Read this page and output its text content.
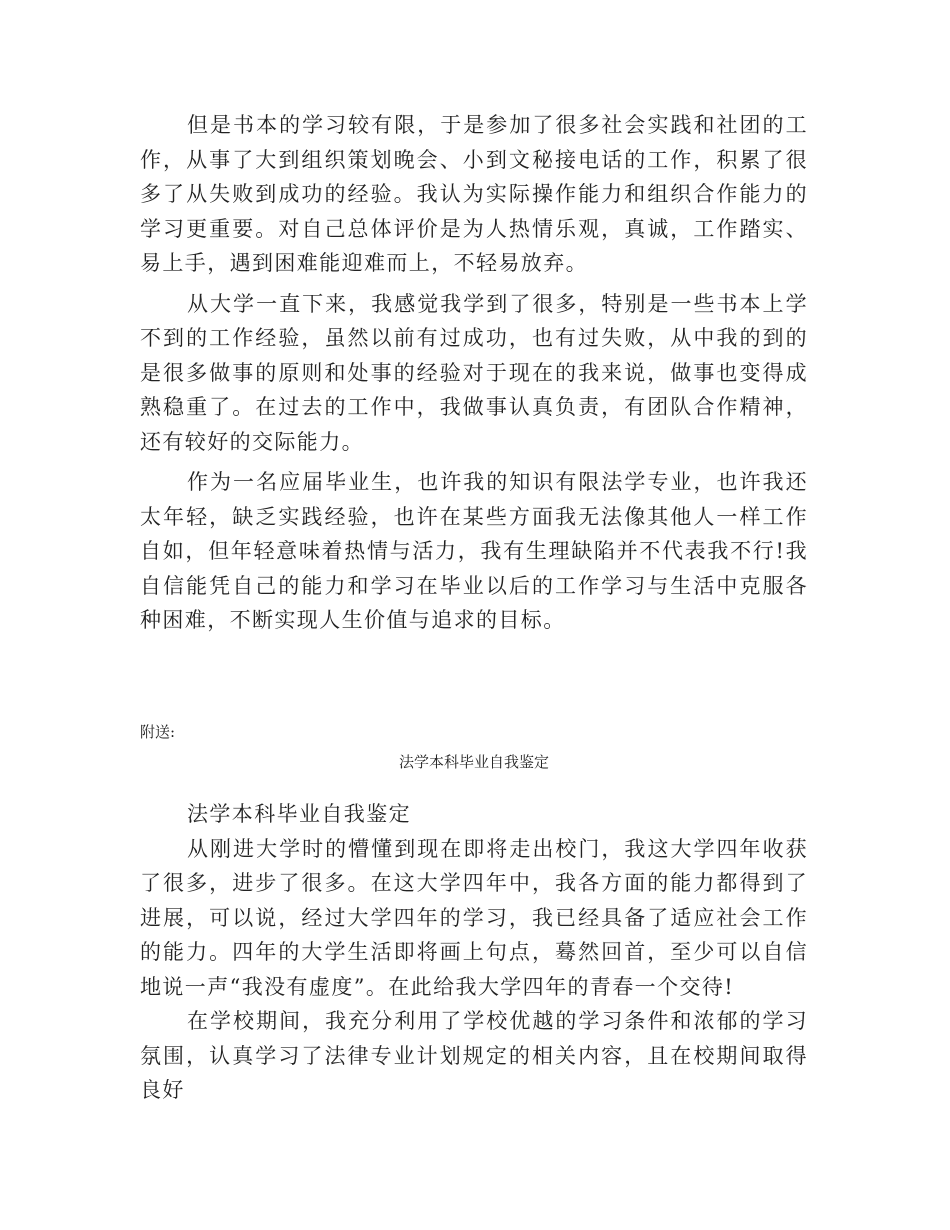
但是书本的学习较有限，于是参加了很多社会实践和社团的工作，从事了大到组织策划晚会、小到文秘接电话的工作，积累了很多了从失败到成功的经验。我认为实际操作能力和组织合作能力的学习更重要。对自己总体评价是为人热情乐观，真诚，工作踏实、易上手，遇到困难能迎难而上，不轻易放弃。

从大学一直下来，我感觉我学到了很多，特别是一些书本上学不到的工作经验，虽然以前有过成功，也有过失败，从中我的到的是很多做事的原则和处事的经验对于现在的我来说，做事也变得成熟稳重了。在过去的工作中，我做事认真负责，有团队合作精神，还有较好的交际能力。

作为一名应届毕业生，也许我的知识有限法学专业，也许我还太年轻，缺乏实践经验，也许在某些方面我无法像其他人一样工作自如，但年轻意味着热情与活力，我有生理缺陷并不代表我不行!我自信能凭自己的能力和学习在毕业以后的工作学习与生活中克服各种困难，不断实现人生价值与追求的目标。

附送:

法学本科毕业自我鉴定

法学本科毕业自我鉴定

从刚进大学时的懵懂到现在即将走出校门，我这大学四年收获了很多，进步了很多。在这大学四年中，我各方面的能力都得到了进展，可以说，经过大学四年的学习，我已经具备了适应社会工作的能力。四年的大学生活即将画上句点，蓦然回首，至少可以自信地说一声“我没有虚度”。在此给我大学四年的青春一个交待!

在学校期间，我充分利用了学校优越的学习条件和浓郁的学习氛围，认真学习了法律专业计划规定的相关内容，且在校期间取得良好
